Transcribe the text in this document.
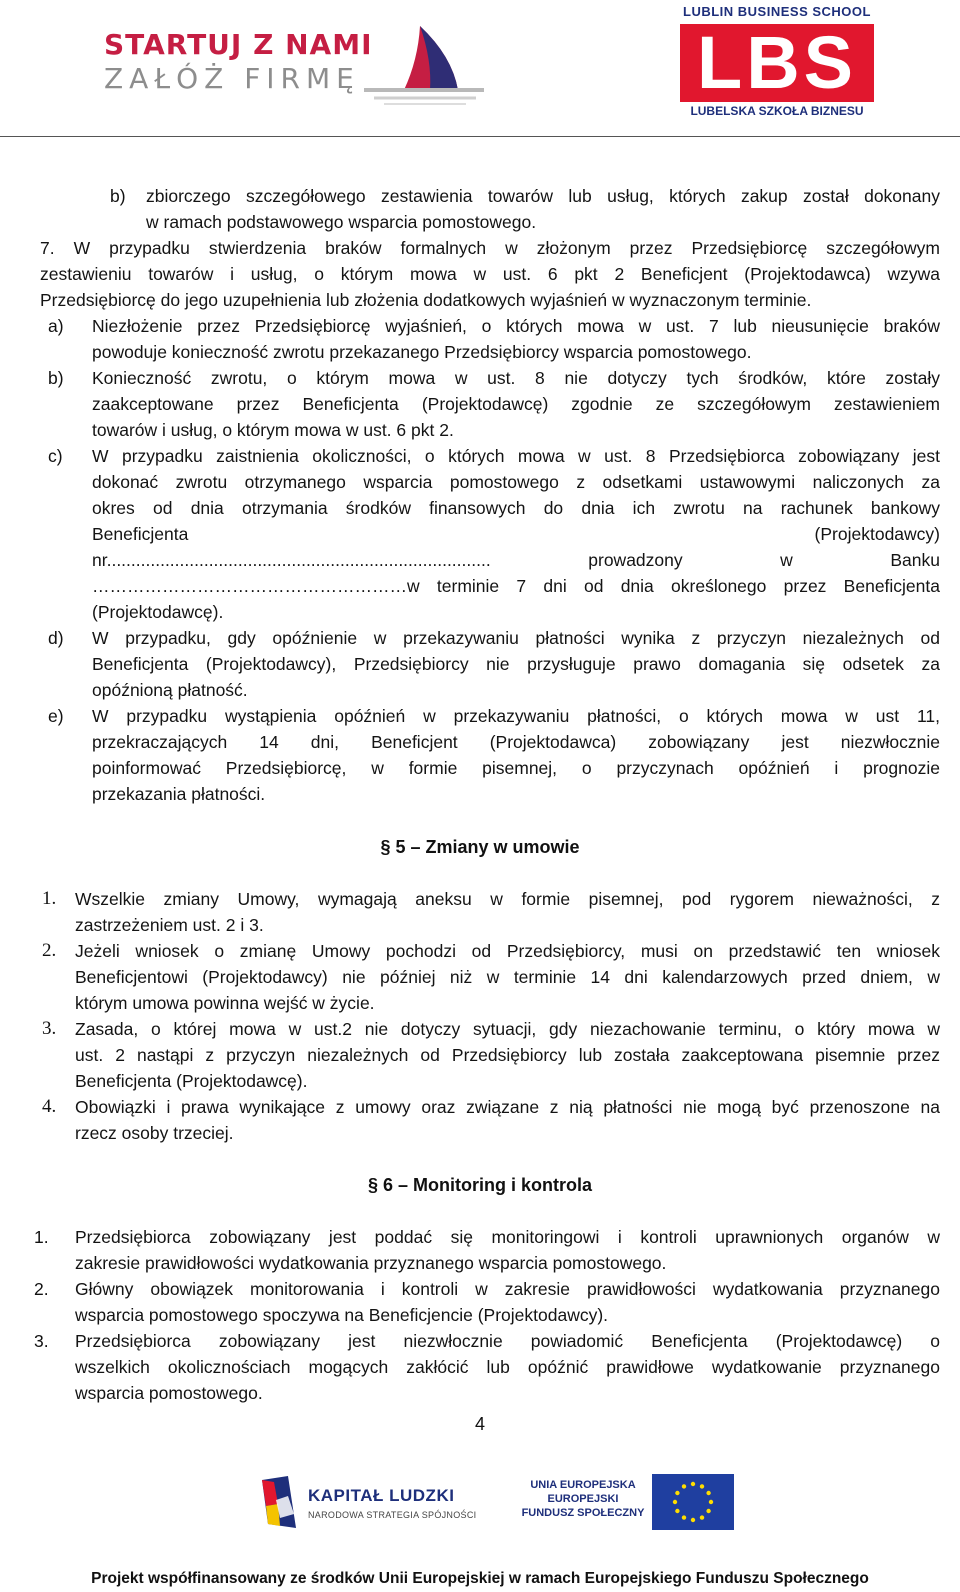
STARTUJ Z NAMI
ZAŁÓŻ FIRMĘ
LUBLIN BUSINESS SCHOOL
LBS
LUBELSKA SZKOŁA BIZNESU
b) zbiorczego szczegółowego zestawienia towarów lub usług, których zakup został dokonany
w ramach podstawowego wsparcia pomostowego.
7. W przypadku stwierdzenia braków formalnych w złożonym przez Przedsiębiorcę szczegółowym
zestawieniu towarów i usług, o którym mowa w ust. 6 pkt 2 Beneficjent (Projektodawca) wzywa
Przedsiębiorcę do jego uzupełnienia lub złożenia dodatkowych wyjaśnień w wyznaczonym terminie.
a) Niezłożenie przez Przedsiębiorcę wyjaśnień, o których mowa w ust. 7 lub nieusunięcie braków
powoduje konieczność zwrotu przekazanego Przedsiębiorcy wsparcia pomostowego.
b) Konieczność zwrotu, o którym mowa w ust. 8 nie dotyczy tych środków, które zostały
zaakceptowane przez Beneficjenta (Projektodawcę) zgodnie ze szczegółowym zestawieniem
towarów i usług, o którym mowa w ust. 6 pkt 2.
c) W przypadku zaistnienia okoliczności, o których mowa w ust. 8 Przedsiębiorca zobowiązany jest
dokonać zwrotu otrzymanego wsparcia pomostowego z odsetkami ustawowymi naliczonych za
okres od dnia otrzymania środków finansowych do dnia ich zwrotu na rachunek bankowy
Beneficjenta (Projektodawcy)
nr............................................................................... prowadzony w Banku
………………………………………………w terminie 7 dni od dnia określonego przez Beneficjenta
(Projektodawcę).
d) W przypadku, gdy opóźnienie w przekazywaniu płatności wynika z przyczyn niezależnych od
Beneficjenta (Projektodawcy), Przedsiębiorcy nie przysługuje prawo domagania się odsetek za
opóźnioną płatność.
e) W przypadku wystąpienia opóźnień w przekazywaniu płatności, o których mowa w ust 11,
przekraczających 14 dni, Beneficjent (Projektodawca) zobowiązany jest niezwłocznie
poinformować Przedsiębiorcę, w formie pisemnej, o przyczynach opóźnień i prognozie
przekazania płatności.
§ 5 – Zmiany w umowie
1. Wszelkie zmiany Umowy, wymagają aneksu w formie pisemnej, pod rygorem nieważności, z
zastrzeżeniem ust. 2 i 3.
2. Jeżeli wniosek o zmianę Umowy pochodzi od Przedsiębiorcy, musi on przedstawić ten wniosek
Beneficjentowi (Projektodawcy) nie później niż w terminie 14 dni kalendarzowych przed dniem, w
którym umowa powinna wejść w życie.
3. Zasada, o której mowa w ust.2 nie dotyczy sytuacji, gdy niezachowanie terminu, o który mowa w
ust. 2 nastąpi z przyczyn niezależnych od Przedsiębiorcy lub została zaakceptowana pisemnie przez
Beneficjenta (Projektodawcę).
4. Obowiązki i prawa wynikające z umowy oraz związane z nią płatności nie mogą być przenoszone na
rzecz osoby trzeciej.
§ 6 – Monitoring i kontrola
1. Przedsiębiorca zobowiązany jest poddać się monitoringowi i kontroli uprawnionych organów w
zakresie prawidłowości wydatkowania przyznanego wsparcia pomostowego.
2. Główny obowiązek monitorowania i kontroli w zakresie prawidłowości wydatkowania przyznanego
wsparcia pomostowego spoczywa na Beneficjencie (Projektodawcy).
3. Przedsiębiorca zobowiązany jest niezwłocznie powiadomić Beneficjenta (Projektodawcę) o
wszelkich okolicznościach mogących zakłócić lub opóźnić prawidłowe wydatkowanie przyznanego
wsparcia pomostowego.
4
KAPITAŁ LUDZKI
NARODOWA STRATEGIA SPÓJNOŚCI
UNIA EUROPEJSKA
EUROPEJSKI
FUNDUSZ SPOŁECZNY
Projekt współfinansowany ze środków Unii Europejskiej w ramach Europejskiego Funduszu Społecznego
